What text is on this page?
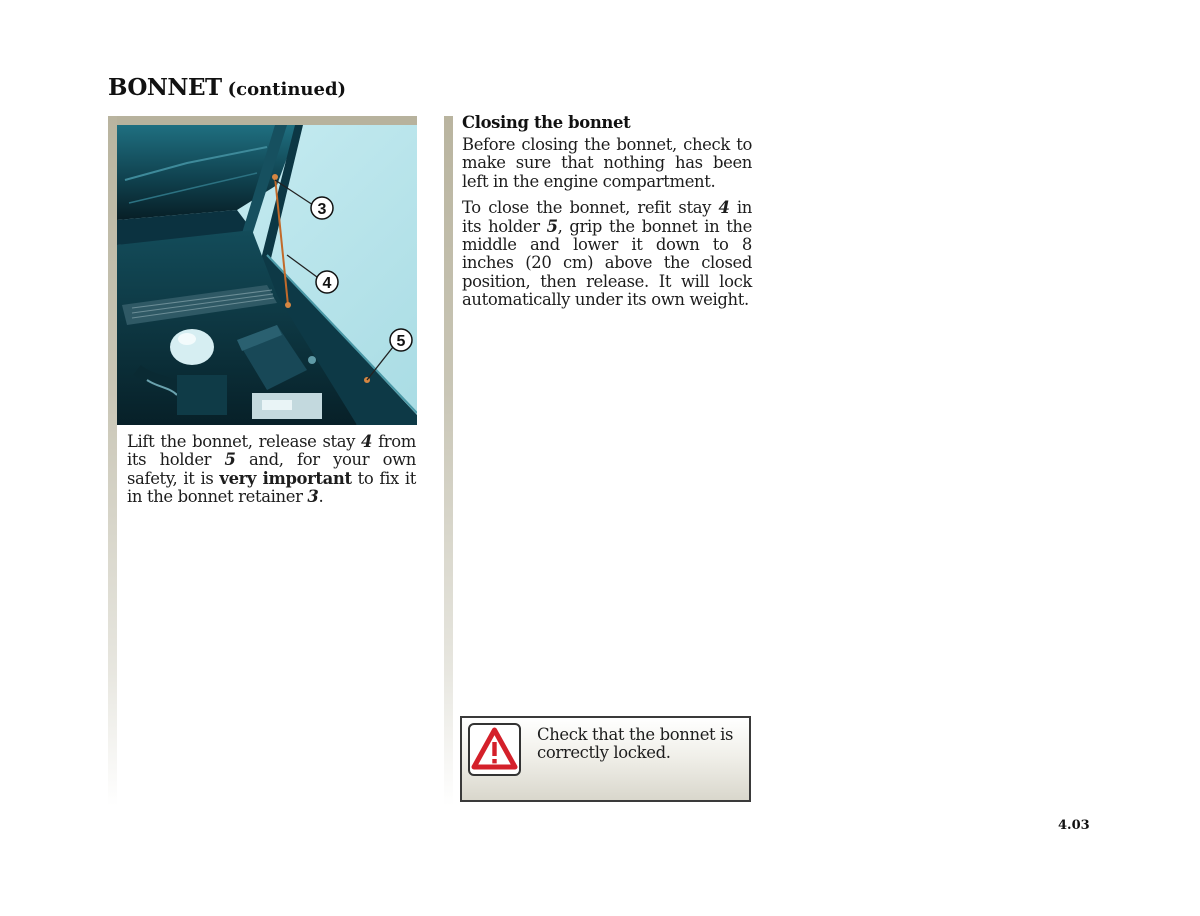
BONNET (continued)
3
4
5
Lift the bonnet, release stay 4 from its holder 5 and, for your own safety, it is very important to fix it in the bonnet retainer 3.
Closing the bonnet

Before closing the bonnet, check to make sure that nothing has been left in the engine compartment.

To close the bonnet, refit stay 4 in its holder 5, grip the bonnet in the middle and lower it down to 8 inches (20 cm) above the closed position, then release. It will lock automatically under its own weight.

Check that the bonnet is correctly locked.
4.03
